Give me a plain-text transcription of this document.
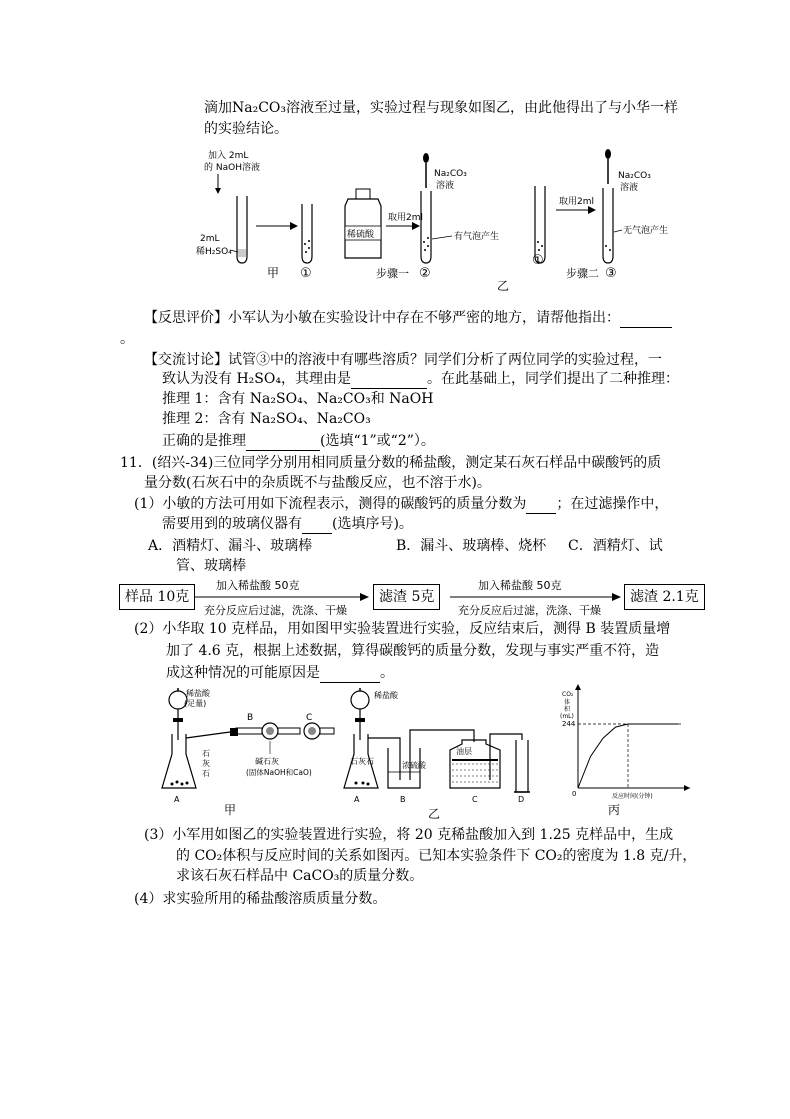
滴加Na₂CO₃溶液至过量，实验过程与现象如图乙，由此他得出了与小华一样
的实验结论。
加入 2mL
的 NaOH溶液
2mL
稀H₂SO₄
甲 ①
稀硫酸
取用2ml
Na₂CO₃
溶液
有气泡产生
步骤一 ②
乙
取用2ml
Na₂CO₃
溶液
无气泡产生
①
步骤二 ③
【反思评价】小军认为小敏在实验设计中存在不够严密的地方，请帮他指出：
。
【交流讨论】试管③中的溶液中有哪些溶质？同学们分析了两位同学的实验过程，一
致认为没有 H₂SO₄，其理由是	。在此基础上，同学们提出了二种推理：
推理 1：含有 Na₂SO₄、Na₂CO₃和 NaOH
推理 2：含有 Na₂SO₄、Na₂CO₃
正确的是推理	(选填“1”或“2”）。
11．(绍兴-34)三位同学分别用相同质量分数的稀盐酸，测定某石灰石样品中碳酸钙的质
量分数(石灰石中的杂质既不与盐酸反应，也不溶于水)。
(1）小敏的方法可用如下流程表示，测得的碳酸钙的质量分数为 ；在过滤操作中，
需要用到的玻璃仪器有 (选填序号)。
A．酒精灯、漏斗、玻璃棒	B．漏斗、玻璃棒、烧杯 C．酒精灯、试
管、玻璃棒
样品 10克
加入稀盐酸 50克
充分反应后过滤，洗涤、干燥
滤渣 5克
加入稀盐酸 50克
充分反应后过滤，洗涤、干燥
滤渣 2.1克
(2）小华取 10 克样品，用如图甲实验装置进行实验，反应结束后，测得 B 装置质量增
加了 4.6 克，根据上述数据，算得碳酸钙的质量分数，发现与事实严重不符，造
成这种情况的可能原因是	。
稀盐酸
(足量)
石
灰
石
A
B	C
碱石灰
(固体NaOH和CaO)
甲
稀盐酸
石灰石
A
浓硫酸
B
油层
C	D
乙
CO₂
体
积
(mL)
244
0	反应时间(分钟)
丙
(3）小军用如图乙的实验装置进行实验，将 20 克稀盐酸加入到 1.25 克样品中，生成
的 CO₂体积与反应时间的关系如图丙。已知本实验条件下 CO₂的密度为 1.8 克/升，
求该石灰石样品中 CaCO₃的质量分数。
(4）求实验所用的稀盐酸溶质质量分数。
